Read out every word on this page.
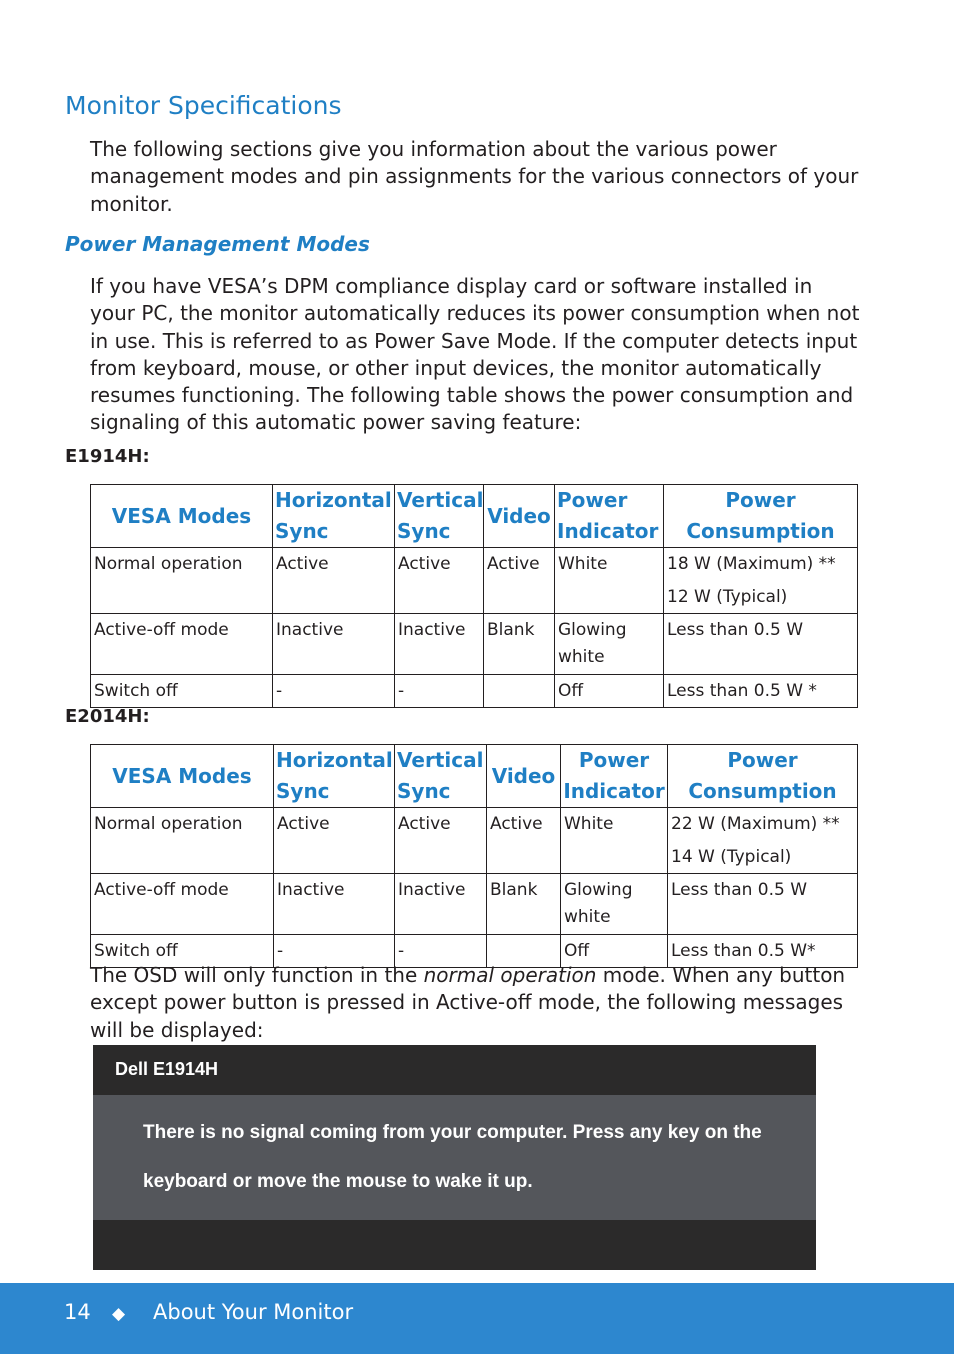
Monitor Specifications

The following sections give you information about the various power management modes and pin assignments for the various connectors of your monitor.

Power Management Modes

If you have VESA’s DPM compliance display card or software installed in your PC, the monitor automatically reduces its power consumption when not in use. This is referred to as Power Save Mode. If the computer detects input from keyboard, mouse, or other input devices, the monitor automatically resumes functioning. The following table shows the power consumption and signaling of this automatic power saving feature:

E1914H:

VESA Modes	Horizontal Sync	Vertical Sync	Video	Power Indicator	Power Consumption
Normal operation	Active	Active	Active	White	18 W (Maximum) **
12 W (Typical)

Active-off mode	Inactive	Inactive	Blank	Glowing white	Less than 0.5 W
Switch off	-	-		Off	Less than 0.5 W *

E2014H:

VESA Modes	Horizontal Sync	Vertical Sync	Video	Power Indicator	Power Consumption
Normal operation	Active	Active	Active	White	22 W (Maximum) **
14 W (Typical)

Active-off mode	Inactive	Inactive	Blank	Glowing white	Less than 0.5 W
Switch off	-	-		Off	Less than 0.5 W*

The OSD will only function in the normal operation mode. When any button except power button is pressed in Active-off mode, the following messages will be displayed:

Dell E1914H

There is no signal coming from your computer. Press any key on the keyboard or move the mouse to wake it up.

14 ◆ About Your Monitor
